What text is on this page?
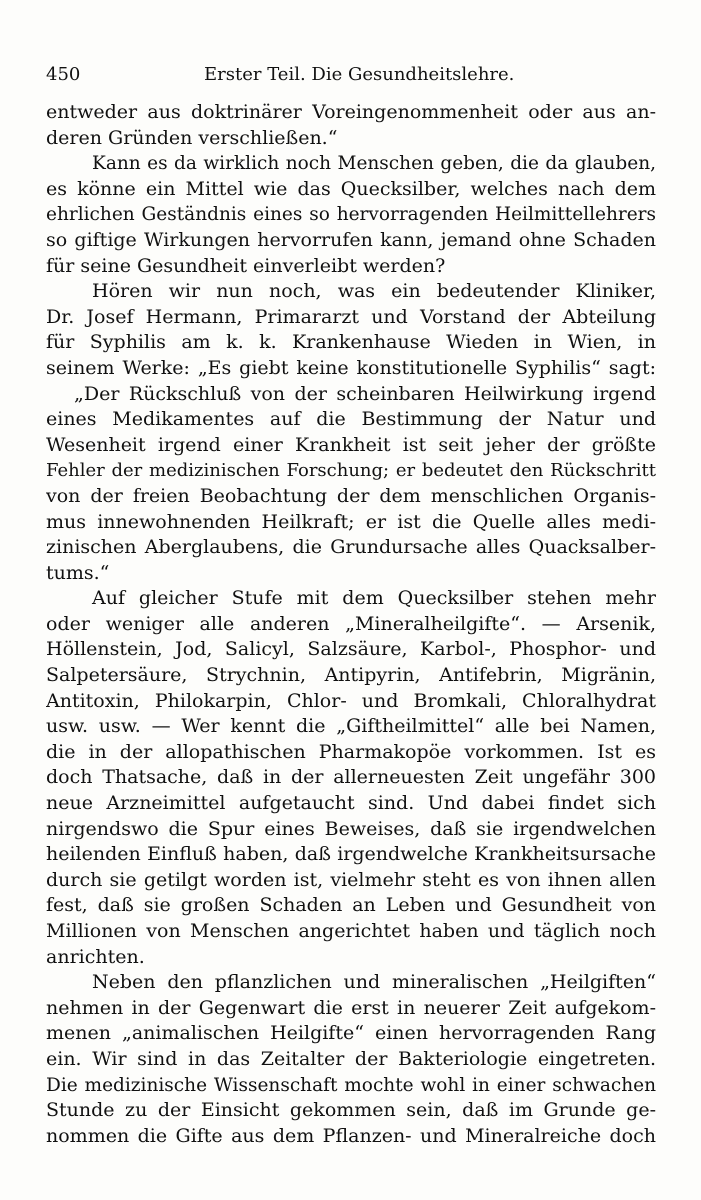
450	Erster Teil. Die Gesundheitslehre.
entweder aus doktrinärer Voreingenommenheit oder aus an-
deren Gründen verschließen.“
Kann es da wirklich noch Menschen geben, die da glauben,
es könne ein Mittel wie das Quecksilber, welches nach dem
ehrlichen Geständnis eines so hervorragenden Heilmittellehrers
so giftige Wirkungen hervorrufen kann, jemand ohne Schaden
für seine Gesundheit einverleibt werden?
Hören wir nun noch, was ein bedeutender Kliniker,
Dr. Josef Hermann, Primararzt und Vorstand der Abteilung
für Syphilis am k. k. Krankenhause Wieden in Wien, in
seinem Werke: „Es giebt keine konstitutionelle Syphilis“ sagt:
„Der Rückschluß von der scheinbaren Heilwirkung irgend
eines Medikamentes auf die Bestimmung der Natur und
Wesenheit irgend einer Krankheit ist seit jeher der größte
Fehler der medizinischen Forschung; er bedeutet den Rückschritt
von der freien Beobachtung der dem menschlichen Organis-
mus innewohnenden Heilkraft; er ist die Quelle alles medi-
zinischen Aberglaubens, die Grundursache alles Quacksalber-
tums.“
Auf gleicher Stufe mit dem Quecksilber stehen mehr
oder weniger alle anderen „Mineralheilgifte“. — Arsenik,
Höllenstein, Jod, Salicyl, Salzsäure, Karbol-, Phosphor- und
Salpetersäure, Strychnin, Antipyrin, Antifebrin, Migränin,
Antitoxin, Philokarpin, Chlor- und Bromkali, Chloralhydrat
usw. usw. — Wer kennt die „Giftheilmittel“ alle bei Namen,
die in der allopathischen Pharmakopöe vorkommen. Ist es
doch Thatsache, daß in der allerneuesten Zeit ungefähr 300
neue Arzneimittel aufgetaucht sind. Und dabei findet sich
nirgendswo die Spur eines Beweises, daß sie irgendwelchen
heilenden Einfluß haben, daß irgendwelche Krankheitsursache
durch sie getilgt worden ist, vielmehr steht es von ihnen allen
fest, daß sie großen Schaden an Leben und Gesundheit von
Millionen von Menschen angerichtet haben und täglich noch
anrichten.
Neben den pflanzlichen und mineralischen „Heilgiften“
nehmen in der Gegenwart die erst in neuerer Zeit aufgekom-
menen „animalischen Heilgifte“ einen hervorragenden Rang
ein. Wir sind in das Zeitalter der Bakteriologie eingetreten.
Die medizinische Wissenschaft mochte wohl in einer schwachen
Stunde zu der Einsicht gekommen sein, daß im Grunde ge-
nommen die Gifte aus dem Pflanzen- und Mineralreiche doch
